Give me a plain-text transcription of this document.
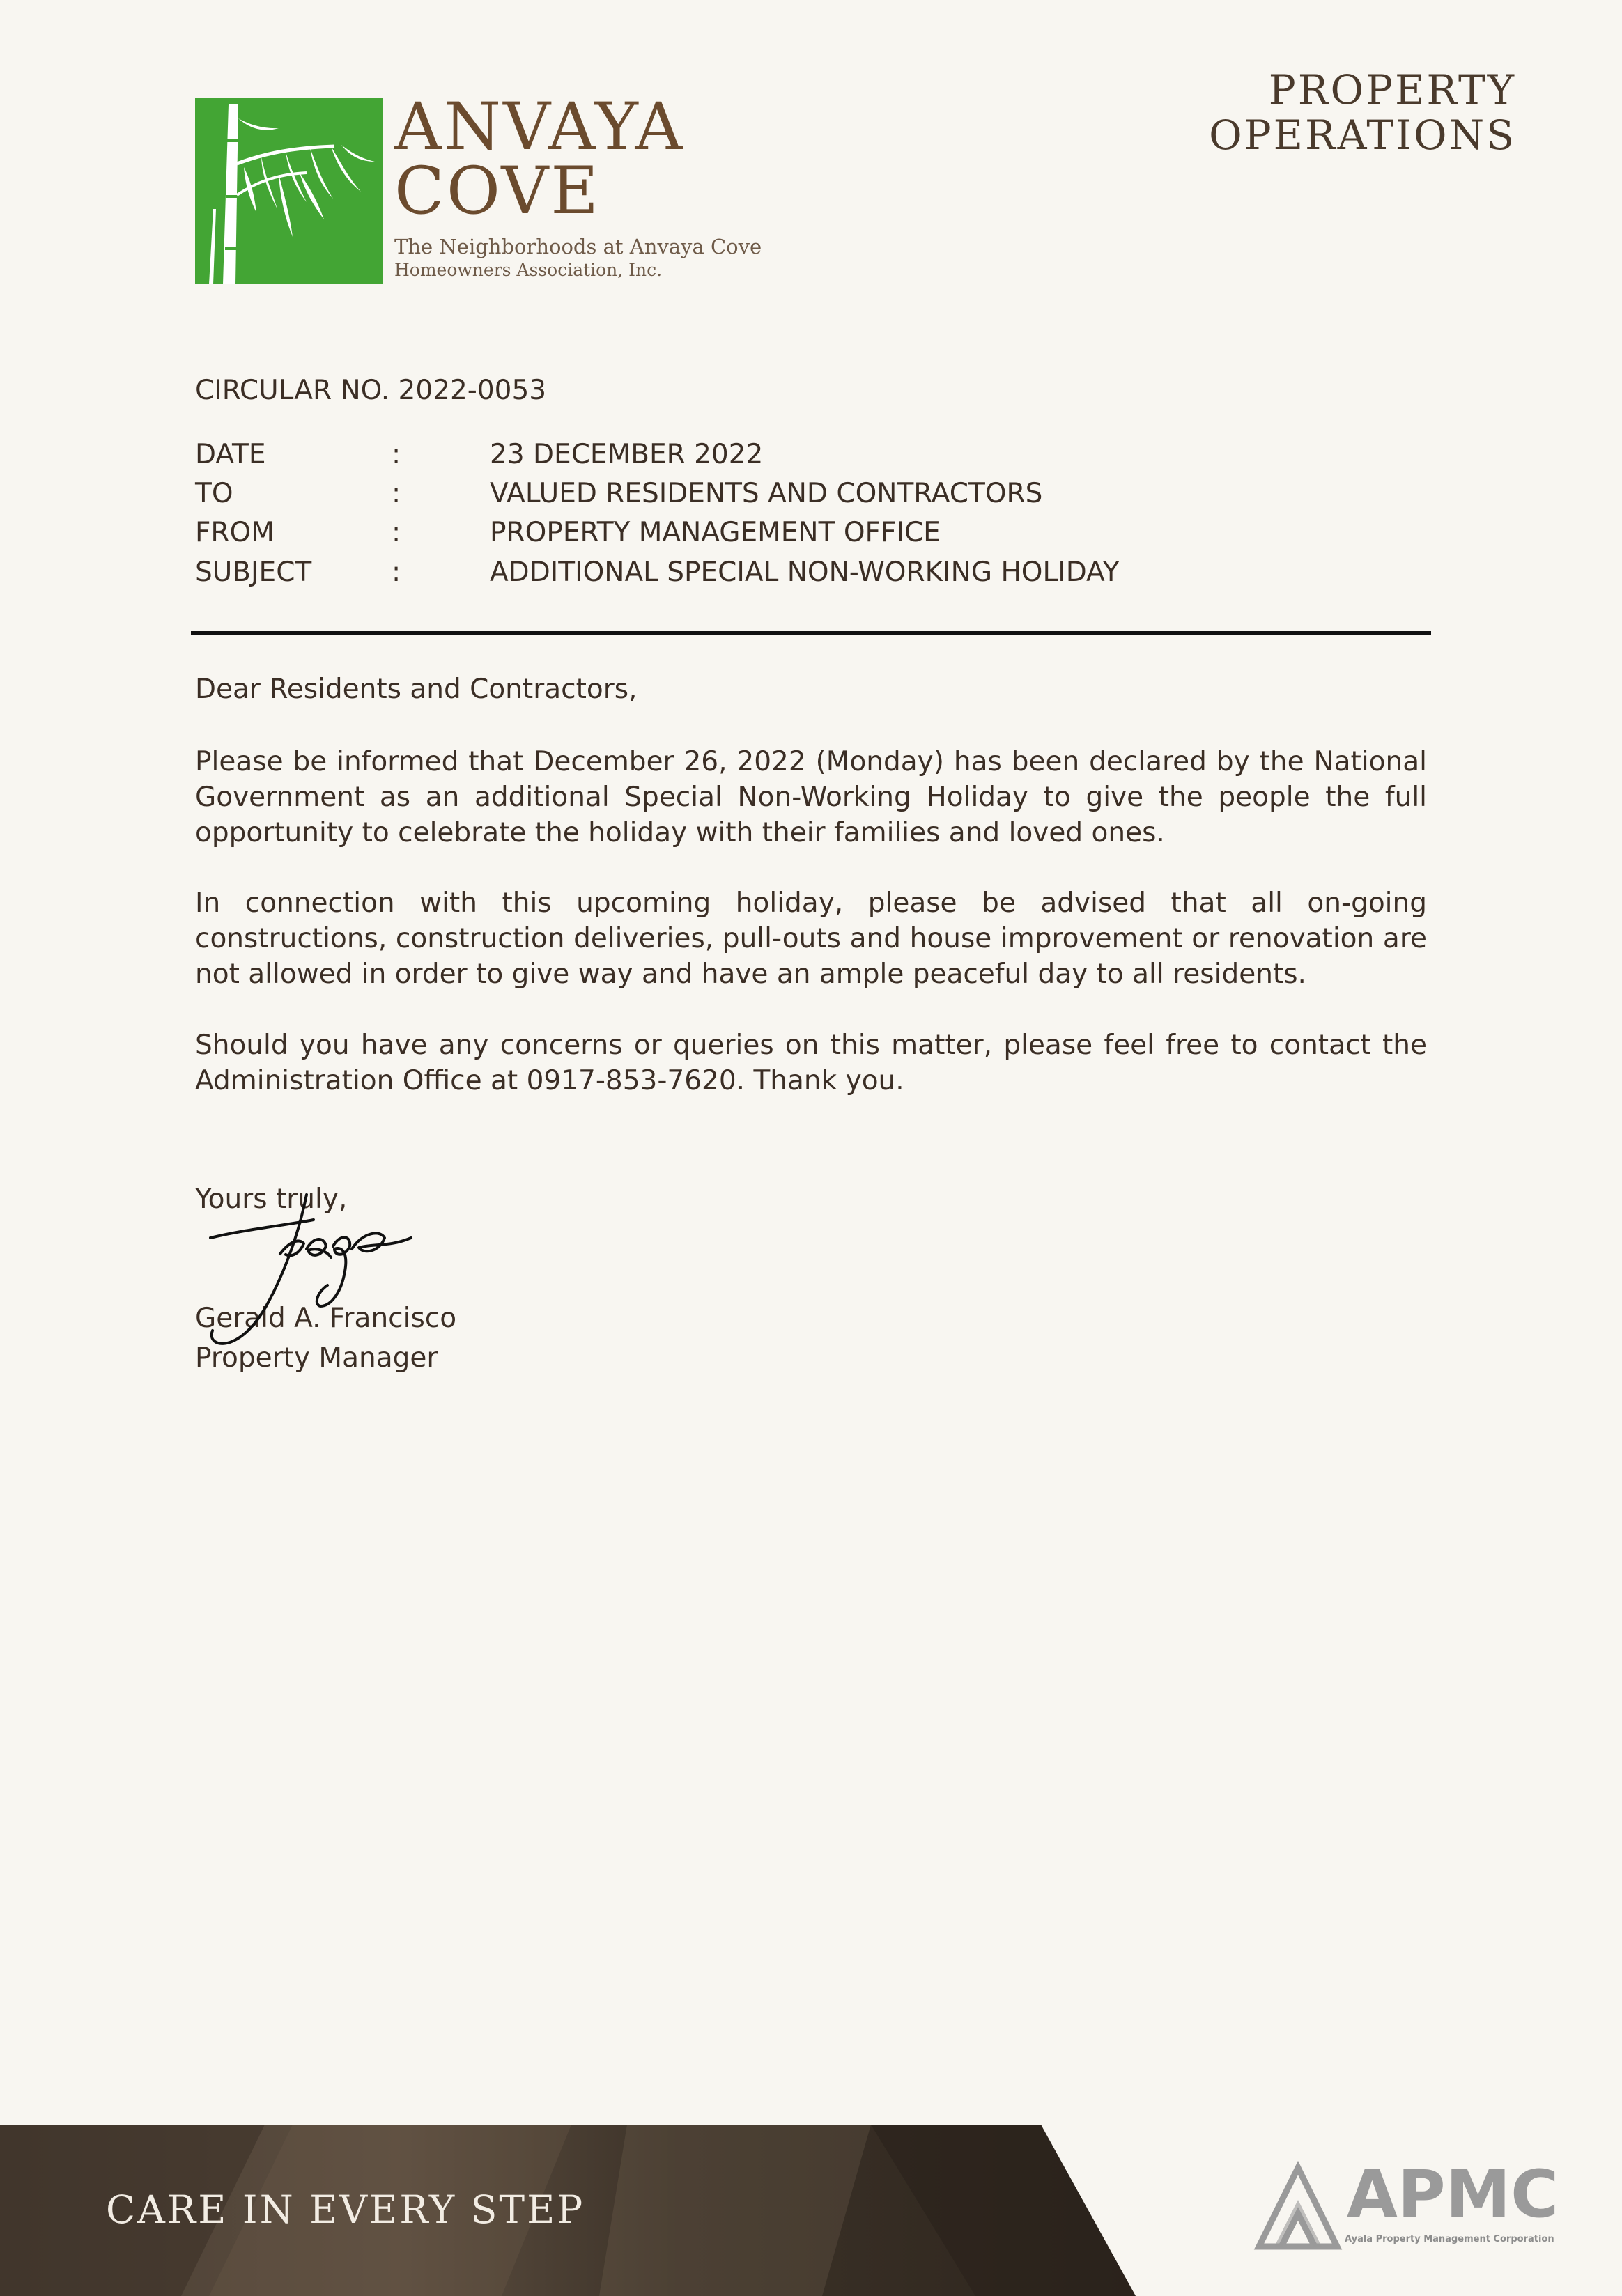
ANVAYA
COVE
The Neighborhoods at Anvaya Cove
Homeowners Association, Inc.
PROPERTY
OPERATIONS
CIRCULAR NO. 2022-0053
DATE	:	23 DECEMBER 2022
TO	:	VALUED RESIDENTS AND CONTRACTORS
FROM	:	PROPERTY MANAGEMENT OFFICE
SUBJECT	:	ADDITIONAL SPECIAL NON-WORKING HOLIDAY
Dear Residents and Contractors,
Please be informed that December 26, 2022 (Monday) has been declared by the National Government as an additional Special Non-Working Holiday to give the people the full opportunity to celebrate the holiday with their families and loved ones.
In connection with this upcoming holiday, please be advised that all on-going constructions, construction deliveries, pull-outs and house improvement or renovation are not allowed in order to give way and have an ample peaceful day to all residents.
Should you have any concerns or queries on this matter, please feel free to contact the Administration Office at 0917-853-7620. Thank you.
Yours truly,
Gerald A. Francisco
Property Manager
CARE IN EVERY STEP	APMC
Ayala Property Management Corporation
